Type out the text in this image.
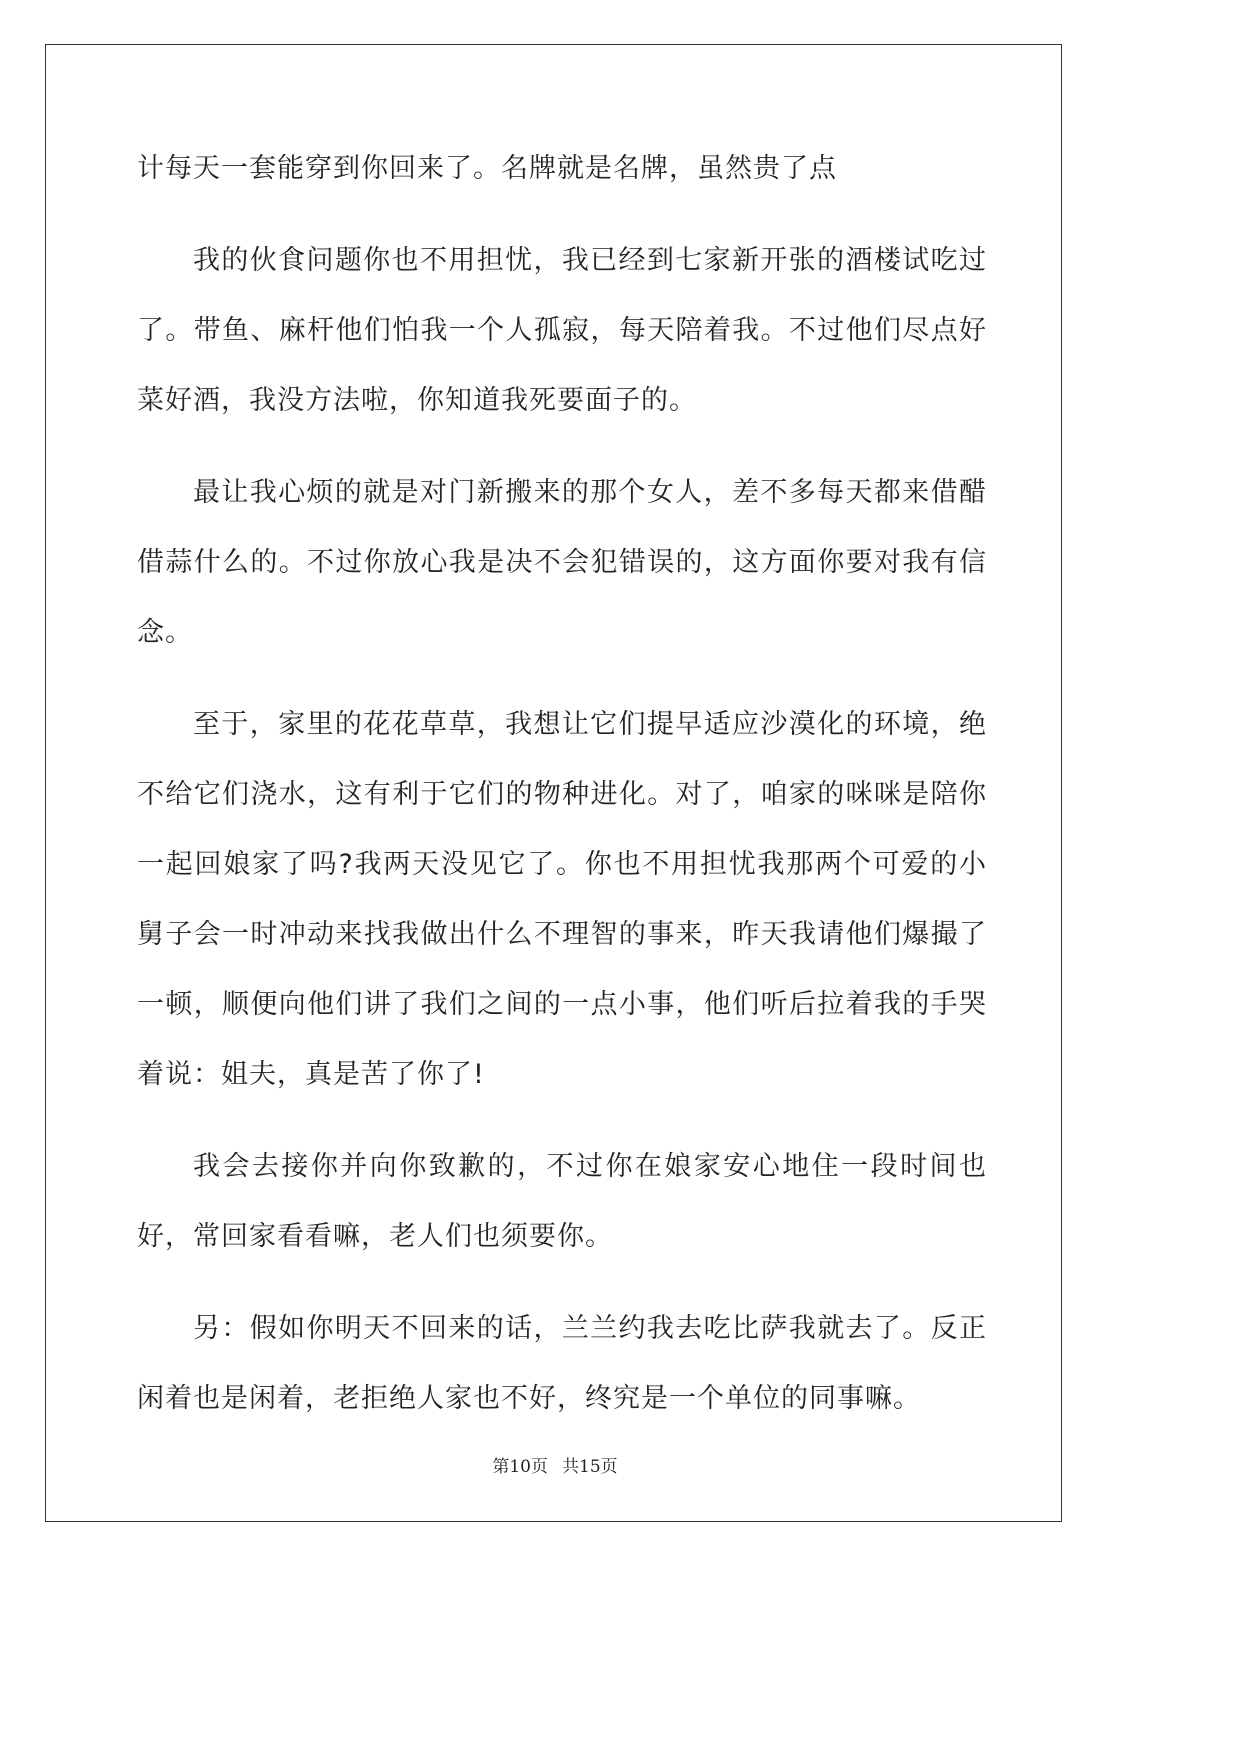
计每天一套能穿到你回来了。名牌就是名牌，虽然贵了点

我的伙食问题你也不用担忧，我已经到七家新开张的酒楼试吃过了。带鱼、麻杆他们怕我一个人孤寂，每天陪着我。不过他们尽点好菜好酒，我没方法啦，你知道我死要面子的。

最让我心烦的就是对门新搬来的那个女人，差不多每天都来借醋借蒜什么的。不过你放心我是决不会犯错误的，这方面你要对我有信念。

至于，家里的花花草草，我想让它们提早适应沙漠化的环境，绝不给它们浇水，这有利于它们的物种进化。对了，咱家的咪咪是陪你一起回娘家了吗?我两天没见它了。你也不用担忧我那两个可爱的小舅子会一时冲动来找我做出什么不理智的事来，昨天我请他们爆撮了一顿，顺便向他们讲了我们之间的一点小事，他们听后拉着我的手哭着说：姐夫，真是苦了你了!

我会去接你并向你致歉的，不过你在娘家安心地住一段时间也好，常回家看看嘛，老人们也须要你。

另：假如你明天不回来的话，兰兰约我去吃比萨我就去了。反正闲着也是闲着，老拒绝人家也不好，终究是一个单位的同事嘛。

第10页 共15页
